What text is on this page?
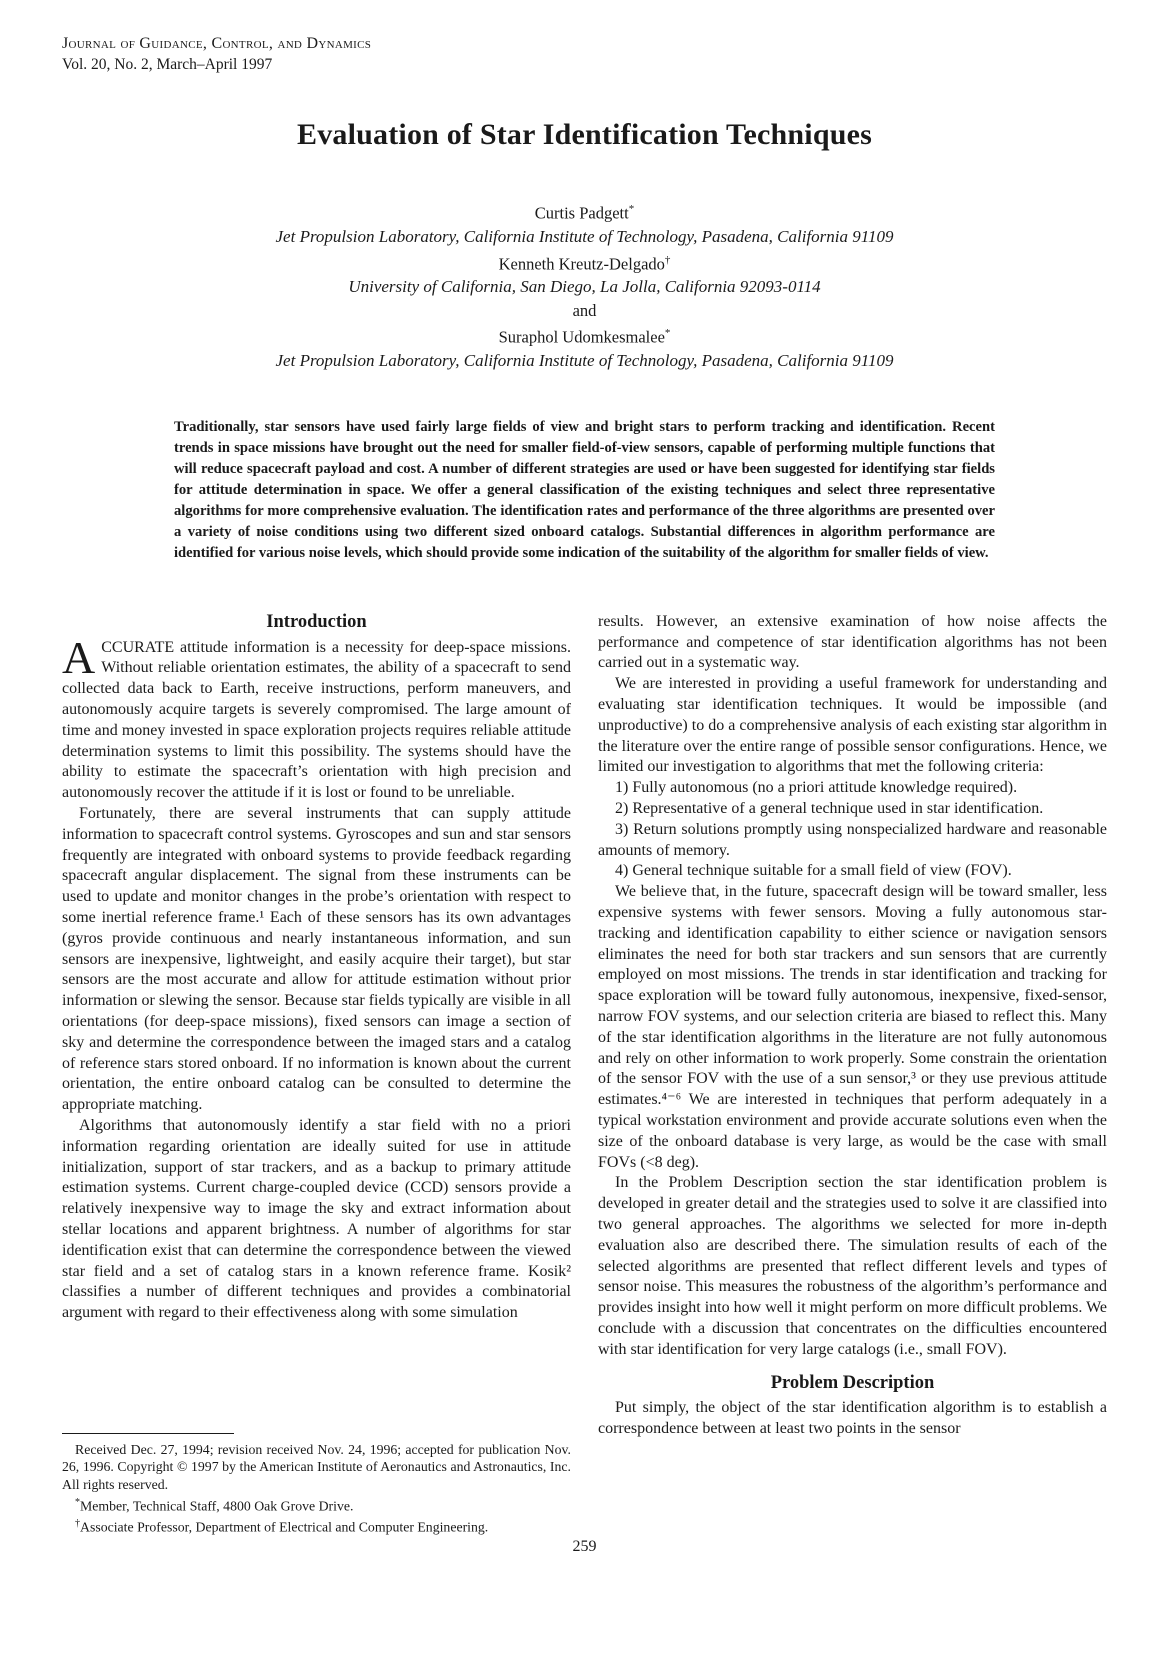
Journal of Guidance, Control, and Dynamics
Vol. 20, No. 2, March–April 1997
Evaluation of Star Identification Techniques
Curtis Padgett*
Jet Propulsion Laboratory, California Institute of Technology, Pasadena, California 91109
Kenneth Kreutz-Delgado†
University of California, San Diego, La Jolla, California 92093-0114
and
Suraphol Udomkesmalee*
Jet Propulsion Laboratory, California Institute of Technology, Pasadena, California 91109

Traditionally, star sensors have used fairly large fields of view and bright stars to perform tracking and identification. Recent trends in space missions have brought out the need for smaller field-of-view sensors, capable of performing multiple functions that will reduce spacecraft payload and cost. A number of different strategies are used or have been suggested for identifying star fields for attitude determination in space. We offer a general classification of the existing techniques and select three representative algorithms for more comprehensive evaluation. The identification rates and performance of the three algorithms are presented over a variety of noise conditions using two different sized onboard catalogs. Substantial differences in algorithm performance are identified for various noise levels, which should provide some indication of the suitability of the algorithm for smaller fields of view.

Introduction

ACCURATE attitude information is a necessity for deep-space missions. Without reliable orientation estimates, the ability of a spacecraft to send collected data back to Earth, receive instructions, perform maneuvers, and autonomously acquire targets is severely compromised. The large amount of time and money invested in space exploration projects requires reliable attitude determination systems to limit this possibility. The systems should have the ability to estimate the spacecraft’s orientation with high precision and autonomously recover the attitude if it is lost or found to be unreliable.

Fortunately, there are several instruments that can supply attitude information to spacecraft control systems. Gyroscopes and sun and star sensors frequently are integrated with onboard systems to provide feedback regarding spacecraft angular displacement. The signal from these instruments can be used to update and monitor changes in the probe’s orientation with respect to some inertial reference frame.¹ Each of these sensors has its own advantages (gyros provide continuous and nearly instantaneous information, and sun sensors are inexpensive, lightweight, and easily acquire their target), but star sensors are the most accurate and allow for attitude estimation without prior information or slewing the sensor. Because star fields typically are visible in all orientations (for deep-space missions), fixed sensors can image a section of sky and determine the correspondence between the imaged stars and a catalog of reference stars stored onboard. If no information is known about the current orientation, the entire onboard catalog can be consulted to determine the appropriate matching.

Algorithms that autonomously identify a star field with no a priori information regarding orientation are ideally suited for use in attitude initialization, support of star trackers, and as a backup to primary attitude estimation systems. Current charge-coupled device (CCD) sensors provide a relatively inexpensive way to image the sky and extract information about stellar locations and apparent brightness. A number of algorithms for star identification exist that can determine the correspondence between the viewed star field and a set of catalog stars in a known reference frame. Kosik² classifies a number of different techniques and provides a combinatorial argument with regard to their effectiveness along with some simulation

Received Dec. 27, 1994; revision received Nov. 24, 1996; accepted for publication Nov. 26, 1996. Copyright © 1997 by the American Institute of Aeronautics and Astronautics, Inc. All rights reserved.

*Member, Technical Staff, 4800 Oak Grove Drive.

†Associate Professor, Department of Electrical and Computer Engineering.

results. However, an extensive examination of how noise affects the performance and competence of star identification algorithms has not been carried out in a systematic way.

We are interested in providing a useful framework for understanding and evaluating star identification techniques. It would be impossible (and unproductive) to do a comprehensive analysis of each existing star algorithm in the literature over the entire range of possible sensor configurations. Hence, we limited our investigation to algorithms that met the following criteria:

1) Fully autonomous (no a priori attitude knowledge required).

2) Representative of a general technique used in star identification.

3) Return solutions promptly using nonspecialized hardware and reasonable amounts of memory.

4) General technique suitable for a small field of view (FOV).

We believe that, in the future, spacecraft design will be toward smaller, less expensive systems with fewer sensors. Moving a fully autonomous star-tracking and identification capability to either science or navigation sensors eliminates the need for both star trackers and sun sensors that are currently employed on most missions. The trends in star identification and tracking for space exploration will be toward fully autonomous, inexpensive, fixed-sensor, narrow FOV systems, and our selection criteria are biased to reflect this. Many of the star identification algorithms in the literature are not fully autonomous and rely on other information to work properly. Some constrain the orientation of the sensor FOV with the use of a sun sensor,³ or they use previous attitude estimates.⁴⁻⁶ We are interested in techniques that perform adequately in a typical workstation environment and provide accurate solutions even when the size of the onboard database is very large, as would be the case with small FOVs (<8 deg).

In the Problem Description section the star identification problem is developed in greater detail and the strategies used to solve it are classified into two general approaches. The algorithms we selected for more in-depth evaluation also are described there. The simulation results of each of the selected algorithms are presented that reflect different levels and types of sensor noise. This measures the robustness of the algorithm’s performance and provides insight into how well it might perform on more difficult problems. We conclude with a discussion that concentrates on the difficulties encountered with star identification for very large catalogs (i.e., small FOV).

Problem Description

Put simply, the object of the star identification algorithm is to establish a correspondence between at least two points in the sensor

259
